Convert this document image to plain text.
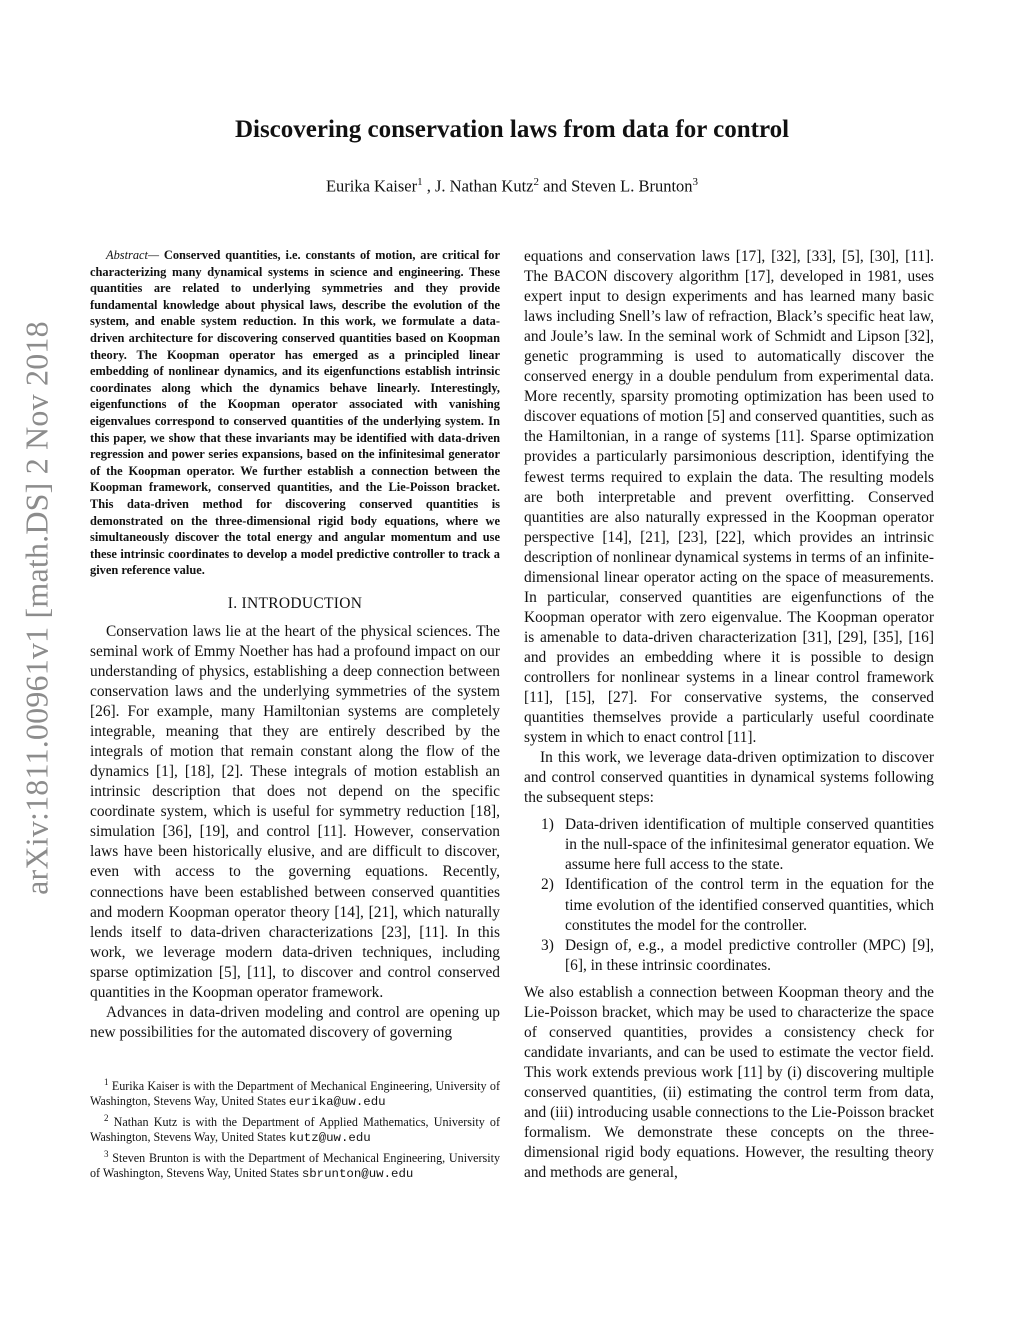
arXiv:1811.00961v1 [math.DS] 2 Nov 2018
Discovering conservation laws from data for control
Eurika Kaiser$^1$ , J. Nathan Kutz$^2$ and Steven L. Brunton$^3$

Abstract— Conserved quantities, i.e. constants of motion, are critical for characterizing many dynamical systems in science and engineering. These quantities are related to underlying symmetries and they provide fundamental knowledge about physical laws, describe the evolution of the system, and enable system reduction. In this work, we formulate a data-driven architecture for discovering conserved quantities based on Koopman theory. The Koopman operator has emerged as a principled linear embedding of nonlinear dynamics, and its eigenfunctions establish intrinsic coordinates along which the dynamics behave linearly. Interestingly, eigenfunctions of the Koopman operator associated with vanishing eigenvalues correspond to conserved quantities of the underlying system. In this paper, we show that these invariants may be identified with data-driven regression and power series expansions, based on the infinitesimal generator of the Koopman operator. We further establish a connection between the Koopman framework, conserved quantities, and the Lie-Poisson bracket. This data-driven method for discovering conserved quantities is demonstrated on the three-dimensional rigid body equations, where we simultaneously discover the total energy and angular momentum and use these intrinsic coordinates to develop a model predictive controller to track a given reference value.

I. INTRODUCTION

Conservation laws lie at the heart of the physical sciences. The seminal work of Emmy Noether has had a profound impact on our understanding of physics, establishing a deep connection between conservation laws and the underlying symmetries of the system [26]. For example, many Hamiltonian systems are completely integrable, meaning that they are entirely described by the integrals of motion that remain constant along the flow of the dynamics [1], [18], [2]. These integrals of motion establish an intrinsic description that does not depend on the specific coordinate system, which is useful for symmetry reduction [18], simulation [36], [19], and control [11]. However, conservation laws have been historically elusive, and are difficult to discover, even with access to the governing equations. Recently, connections have been established between conserved quantities and modern Koopman operator theory [14], [21], which naturally lends itself to data-driven characterizations [23], [11]. In this work, we leverage modern data-driven techniques, including sparse optimization [5], [11], to discover and control conserved quantities in the Koopman operator framework.

Advances in data-driven modeling and control are opening up new possibilities for the automated discovery of governing

$^1$ Eurika Kaiser is with the Department of Mechanical Engineering, University of Washington, Stevens Way, United States eurika@uw.edu

$^2$ Nathan Kutz is with the Department of Applied Mathematics, University of Washington, Stevens Way, United States kutz@uw.edu

$^3$ Steven Brunton is with the Department of Mechanical Engineering, University of Washington, Stevens Way, United States sbrunton@uw.edu

equations and conservation laws [17], [32], [33], [5], [30], [11]. The BACON discovery algorithm [17], developed in 1981, uses expert input to design experiments and has learned many basic laws including Snell’s law of refraction, Black’s specific heat law, and Joule’s law. In the seminal work of Schmidt and Lipson [32], genetic programming is used to automatically discover the conserved energy in a double pendulum from experimental data. More recently, sparsity promoting optimization has been used to discover equations of motion [5] and conserved quantities, such as the Hamiltonian, in a range of systems [11]. Sparse optimization provides a particularly parsimonious description, identifying the fewest terms required to explain the data. The resulting models are both interpretable and prevent overfitting. Conserved quantities are also naturally expressed in the Koopman operator perspective [14], [21], [23], [22], which provides an intrinsic description of nonlinear dynamical systems in terms of an infinite-dimensional linear operator acting on the space of measurements. In particular, conserved quantities are eigenfunctions of the Koopman operator with zero eigenvalue. The Koopman operator is amenable to data-driven characterization [31], [29], [35], [16] and provides an embedding where it is possible to design controllers for nonlinear systems in a linear control framework [11], [15], [27]. For conservative systems, the conserved quantities themselves provide a particularly useful coordinate system in which to enact control [11].

In this work, we leverage data-driven optimization to discover and control conserved quantities in dynamical systems following the subsequent steps:

1) Data-driven identification of multiple conserved quantities in the null-space of the infinitesimal generator equation. We assume here full access to the state.
2) Identification of the control term in the equation for the time evolution of the identified conserved quantities, which constitutes the model for the controller.
3) Design of, e.g., a model predictive controller (MPC) [9], [6], in these intrinsic coordinates.

We also establish a connection between Koopman theory and the Lie-Poisson bracket, which may be used to characterize the space of conserved quantities, provides a consistency check for candidate invariants, and can be used to estimate the vector field. This work extends previous work [11] by (i) discovering multiple conserved quantities, (ii) estimating the control term from data, and (iii) introducing usable connections to the Lie-Poisson bracket formalism. We demonstrate these concepts on the three-dimensional rigid body equations. However, the resulting theory and methods are general,
